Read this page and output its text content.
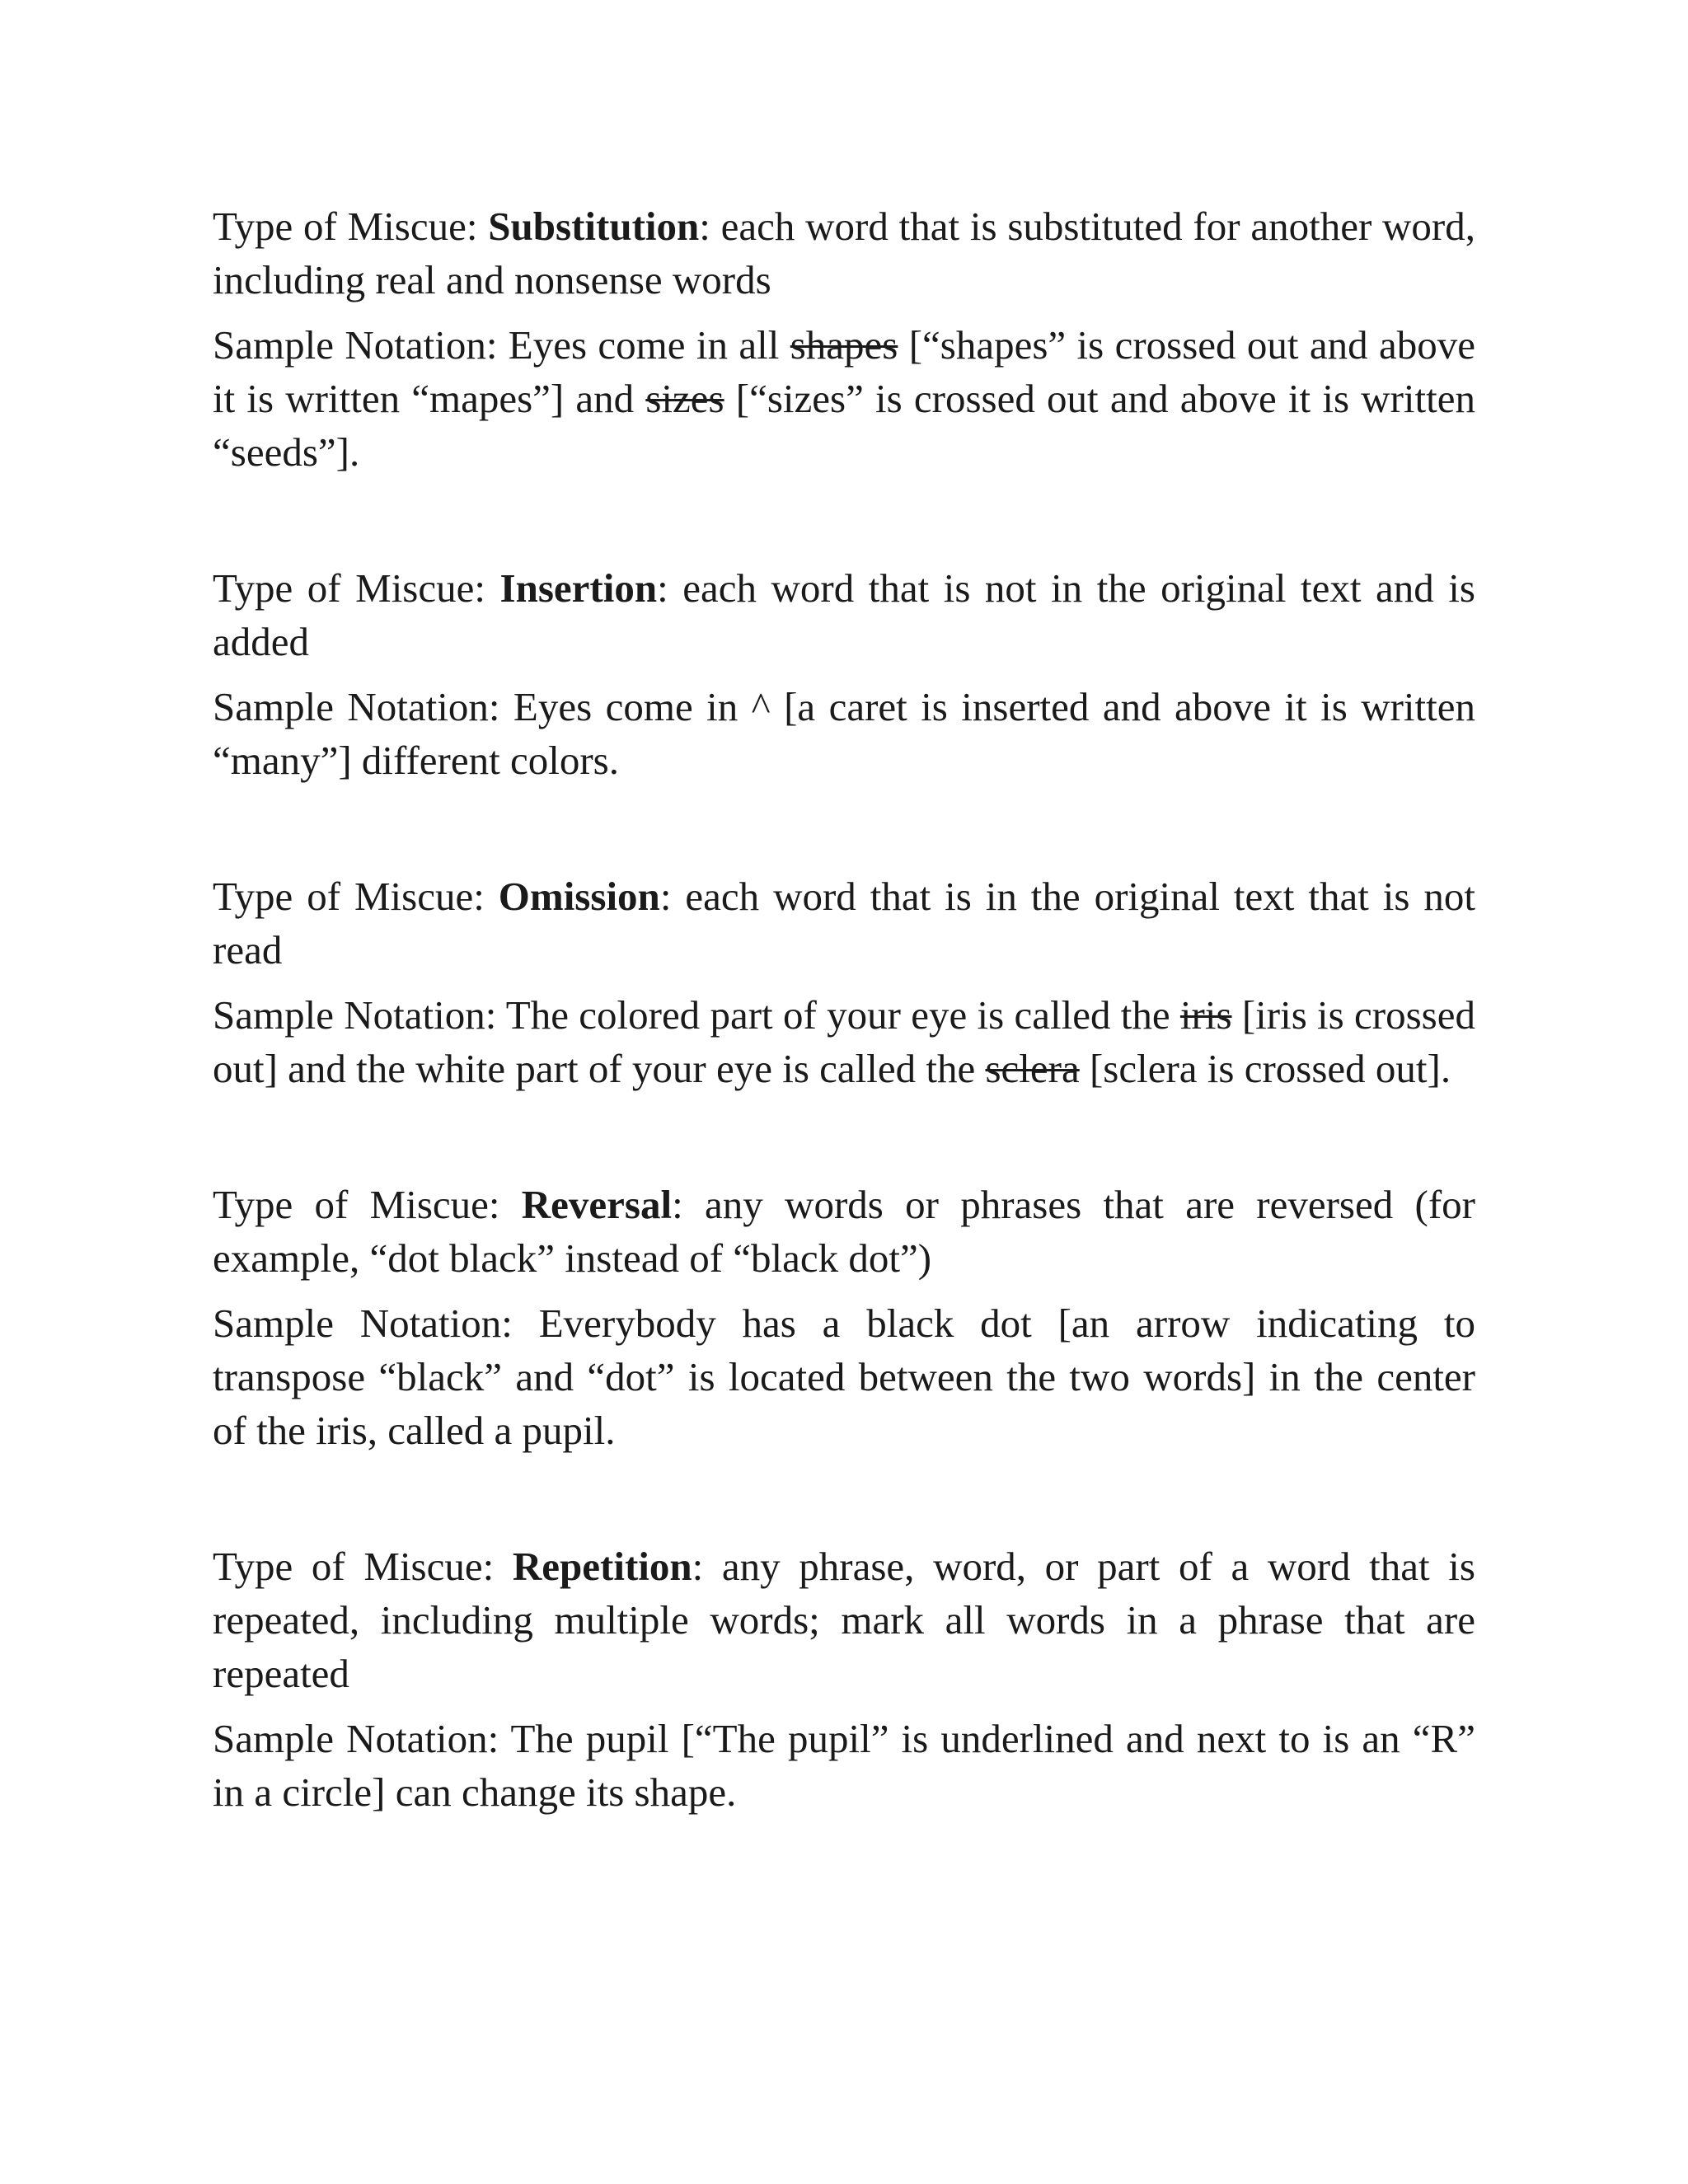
Type of Miscue: Substitution: each word that is substituted for another word, including real and nonsense words

Sample Notation: Eyes come in all shapes [“shapes” is crossed out and above it is written “mapes”] and sizes [“sizes” is crossed out and above it is written “seeds”].

Type of Miscue: Insertion: each word that is not in the original text and is added

Sample Notation: Eyes come in ^ [a caret is inserted and above it is written “many”] different colors.

Type of Miscue: Omission: each word that is in the original text that is not read

Sample Notation: The colored part of your eye is called the iris [iris is crossed out] and the white part of your eye is called the sclera [sclera is crossed out].

Type of Miscue: Reversal: any words or phrases that are reversed (for example, “dot black” instead of “black dot”)

Sample Notation: Everybody has a black dot [an arrow indicating to transpose “black” and “dot” is located between the two words] in the center of the iris, called a pupil.

Type of Miscue: Repetition: any phrase, word, or part of a word that is repeated, including multiple words; mark all words in a phrase that are repeated

Sample Notation: The pupil [“The pupil” is underlined and next to is an “R” in a circle] can change its shape.
